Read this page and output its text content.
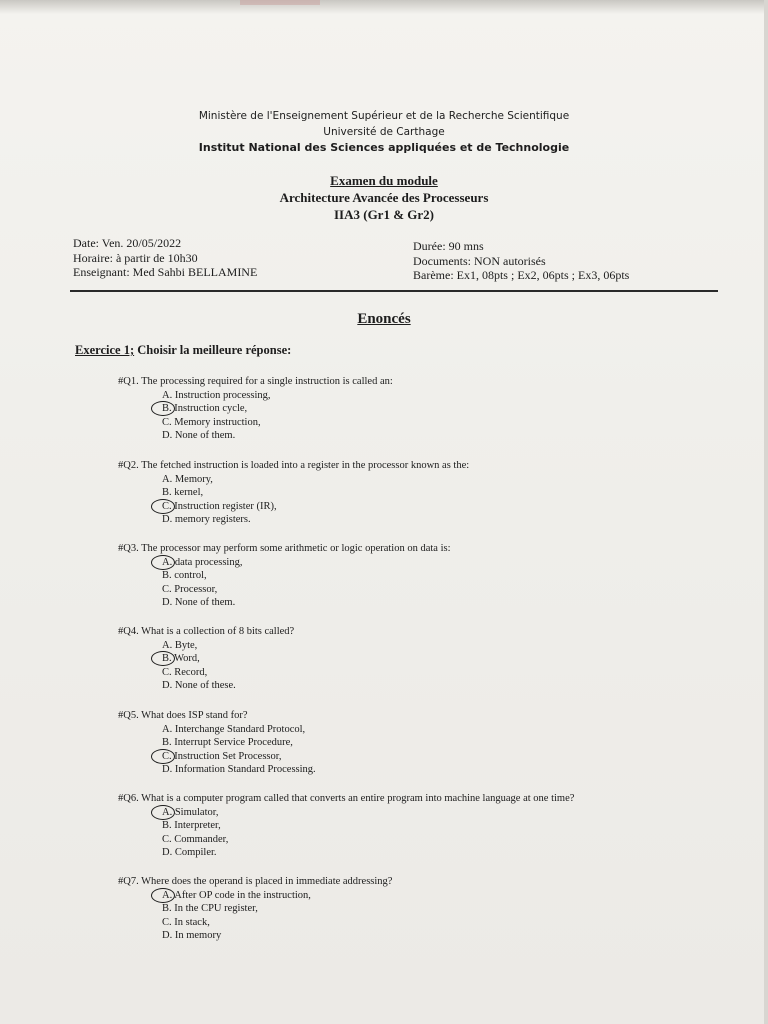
Ministère de l'Enseignement Supérieur et de la Recherche Scientifique
Université de Carthage
Institut National des Sciences appliquées et de Technologie
Examen du module
Architecture Avancée des Processeurs
IIA3 (Gr1 & Gr2)
Date: Ven. 20/05/2022
Horaire: à partir de 10h30
Enseignant: Med Sahbi BELLAMINE
Durée: 90 mns
Documents: NON autorisés
Barème: Ex1, 08pts ; Ex2, 06pts ; Ex3, 06pts
Enoncés
Exercice 1; Choisir la meilleure réponse:
#Q1. The processing required for a single instruction is called an:
A. Instruction processing,
B. Instruction cycle,
C. Memory instruction,
D. None of them.
#Q2. The fetched instruction is loaded into a register in the processor known as the:
A. Memory,
B. kernel,
C. Instruction register (IR),
D. memory registers.
#Q3. The processor may perform some arithmetic or logic operation on data is:
A. data processing,
B. control,
C. Processor,
D. None of them.
#Q4. What is a collection of 8 bits called?
A. Byte,
B. Word,
C. Record,
D. None of these.
#Q5. What does ISP stand for?
A. Interchange Standard Protocol,
B. Interrupt Service Procedure,
C. Instruction Set Processor,
D. Information Standard Processing.
#Q6. What is a computer program called that converts an entire program into machine language at one time?
A. Simulator,
B. Interpreter,
C. Commander,
D. Compiler.
#Q7. Where does the operand is placed in immediate addressing?
A. After OP code in the instruction,
B. In the CPU register,
C. In stack,
D. In memory
